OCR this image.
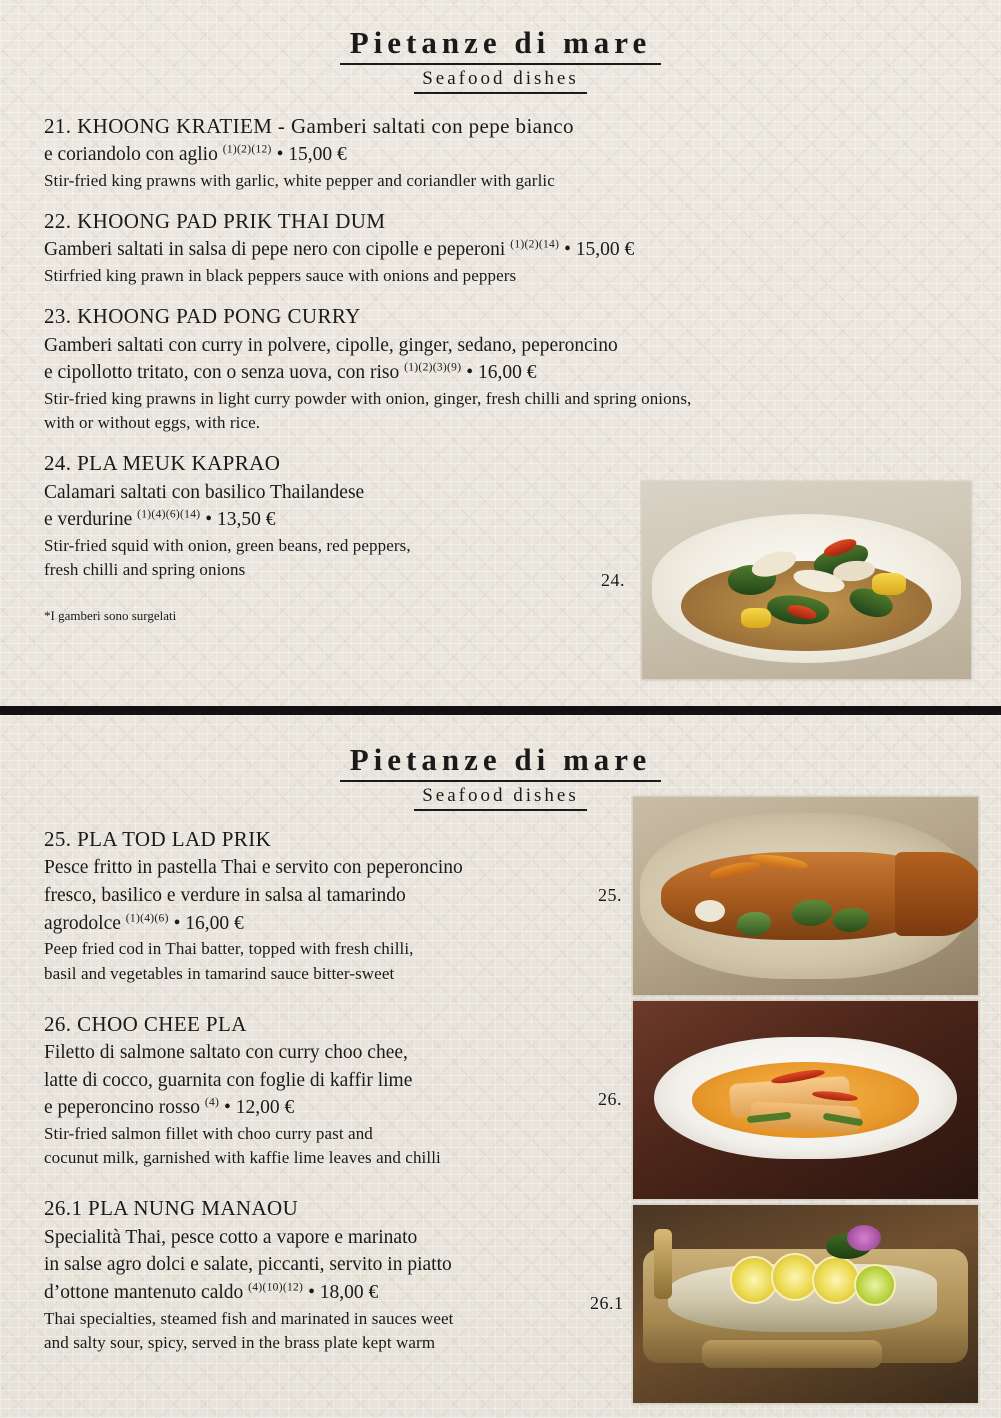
Pietanze di mare
Seafood dishes
21. KHOONG KRATIEM - Gamberi saltati con pepe bianco
e coriandolo con aglio $^{(1)(2)(12)}$ • 15,00 €
Stir-fried king prawns with garlic, white pepper and coriandler with garlic
22. KHOONG PAD PRIK THAI DUM
Gamberi saltati in salsa di pepe nero con cipolle e peperoni $^{(1)(2)(14)}$ • 15,00 €
Stirfried king prawn in black peppers sauce with onions and peppers
23. KHOONG PAD PONG CURRY
Gamberi saltati con curry in polvere, cipolle, ginger, sedano, peperoncino
e cipollotto tritato, con o senza uova, con riso $^{(1)(2)(3)(9)}$ • 16,00 €
Stir-fried king prawns in light curry powder with onion, ginger, fresh chilli and spring onions,
with or without eggs, with rice.
24. PLA MEUK KAPRAO
Calamari saltati con basilico Thailandese
e verdurine $^{(1)(4)(6)(14)}$ • 13,50 €
Stir-fried squid with onion, green beans, red peppers,
fresh chilli and spring onions
*I gamberi sono surgelati
24.
Pietanze di mare
Seafood dishes
25. PLA TOD LAD PRIK
Pesce fritto in pastella Thai e servito con peperoncino
fresco, basilico e verdure in salsa al tamarindo
agrodolce $^{(1)(4)(6)}$ • 16,00 €
Peep fried cod in Thai batter, topped with fresh chilli,
basil and vegetables in tamarind sauce bitter-sweet
26. CHOO CHEE PLA
Filetto di salmone saltato con curry choo chee,
latte di cocco, guarnita con foglie di kaffir lime
e peperoncino rosso $^{(4)}$ • 12,00 €
Stir-fried salmon fillet with choo curry past and
cocunut milk, garnished with kaffie lime leaves and chilli
26.1 PLA NUNG MANAOU
Specialità Thai, pesce cotto a vapore e marinato
in salse agro dolci e salate, piccanti, servito in piatto
d’ottone mantenuto caldo $^{(4)(10)(12)}$ • 18,00 €
Thai specialties, steamed fish and marinated in sauces weet
and salty sour, spicy, served in the brass plate kept warm
25.
26.
26.1
